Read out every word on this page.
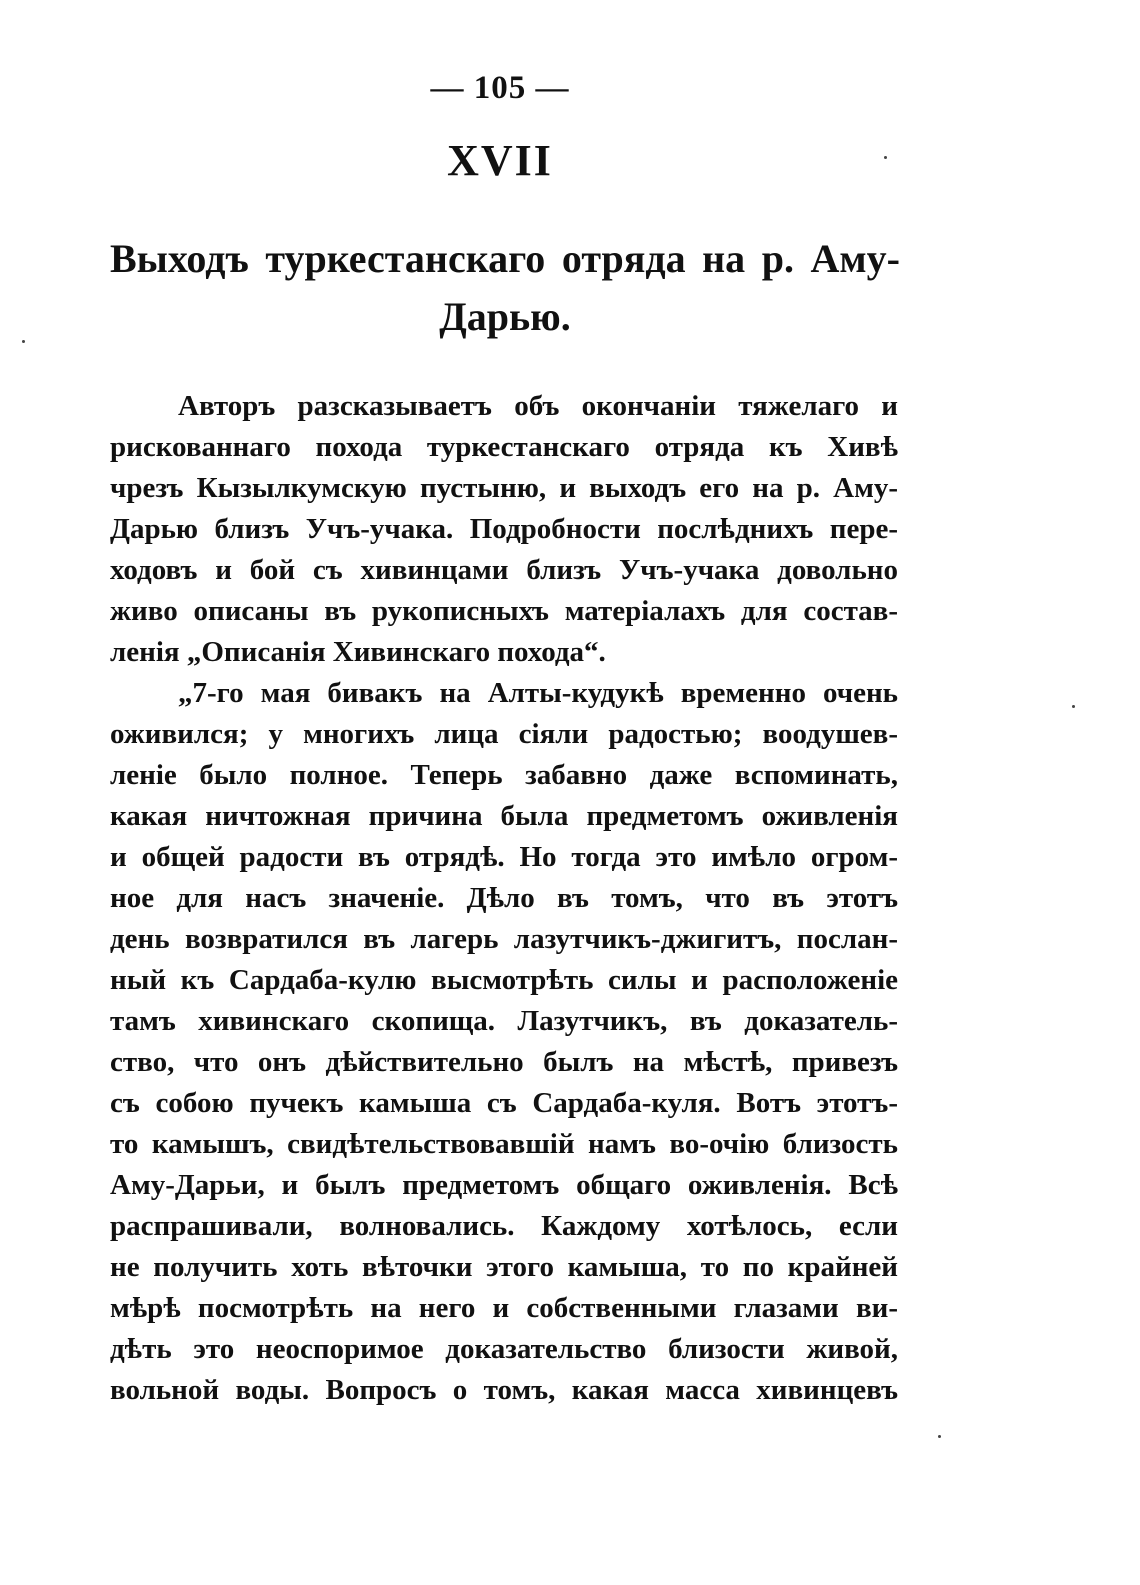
— 105 —
XVII
Выходъ туркестанскаго отряда на р. Аму-Дарью.
Авторъ разсказываетъ объ окончаніи тяжелаго и
рискованнаго похода туркестанскаго отряда къ Хивѣ
чрезъ Кызылкумскую пустыню, и выходъ его на р. Аму-
Дарью близъ Учъ-учака. Подробности послѣднихъ пере-
ходовъ и бой съ хивинцами близъ Учъ-учака довольно
живо описаны въ рукописныхъ матеріалахъ для состав-
ленія „Описанія Хивинскаго похода“.
„7-го мая бивакъ на Алты-кудукѣ временно очень
оживился; у многихъ лица сіяли радостью; воодушев-
леніе было полное. Теперь забавно даже вспоминать,
какая ничтожная причина была предметомъ оживленія
и общей радости въ отрядѣ. Но тогда это имѣло огром-
ное для насъ значеніе. Дѣло въ томъ, что въ этотъ
день возвратился въ лагерь лазутчикъ-джигитъ, послан-
ный къ Сардаба-кулю высмотрѣть силы и расположеніе
тамъ хивинскаго скопища. Лазутчикъ, въ доказатель-
ство, что онъ дѣйствительно былъ на мѣстѣ, привезъ
съ собою пучекъ камыша съ Сардаба-куля. Вотъ этотъ-
то камышъ, свидѣтельствовавшій намъ во-очію близость
Аму-Дарьи, и былъ предметомъ общаго оживленія. Всѣ
распрашивали, волновались. Каждому хотѣлось, если
не получить хоть вѣточки этого камыша, то по крайней
мѣрѣ посмотрѣть на него и собственными глазами ви-
дѣть это неоспоримое доказательство близости живой,
вольной воды. Вопросъ о томъ, какая масса хивинцевъ
